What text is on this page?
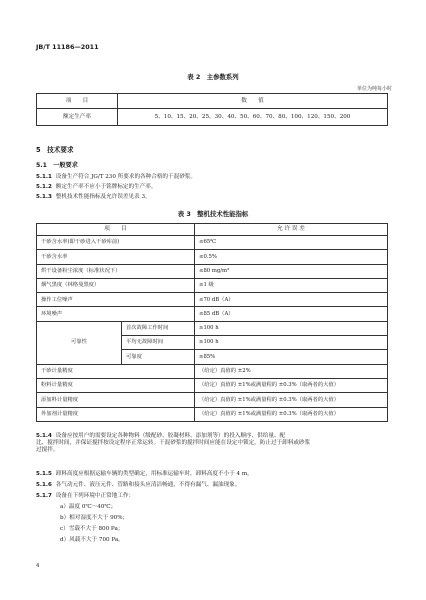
JB/T 11186—2011
表 2　主参数系列
单位为吨每小时
项　　目	数　　值
额定生产率	5、10、15、20、25、30、40、50、60、70、80、100、120、150、200
5　技术要求
5.1　一般要求
5.1.1 设备生产符合 JG/T 230 所要求的各种合格的干混砂浆。
5.1.2 额定生产率不应小于铭牌标定的生产率。
5.1.3 整机技术性能指标及允许误差见表 3。
表 3　整机技术性能指标
项　　目		允 许 误 差
干砂含水率(即干砂进入干砂库前)		≤65℃
干砂含水率		≤0.5%
烘干设备粉尘浓度（标准状况下）		≤80 mg/m³
烟气黑度（林格曼黑度）		≤1 级
操作工位噪声		≤70 dB（A）
环境噪声		≤85 dB（A）
可靠性	首次故障工作时间	≥100 h
	平均无故障时间	≥100 h
	可靠度	≥85%
干砂计量精度		（给定）真值的 ±2%
粉料计量精度		（给定）真值的 ±1%或满量程的 ±0.3%（取两者的大值）
添加料计量精度		（给定）真值的 ±1%或满量程的 ±0.3%（取两者的大值）
外加剂计量精度		（给定）真值的 ±1%或满量程的 ±0.3%（取两者的大值）
5.1.4 设备应按用户的需要设定各种物料（级配砂、胶凝材料、添加剂等）的投入顺序、供给量、配
比、搅拌时间，并保证搅拌按设定程序正常运转。干混砂浆的搅拌时间应能在设定中锁定，防止过于卸料或砂浆
过搅拌。
5.1.5 卸料高度应根据运输车辆的类型确定，用标准运输车时，卸料高度不小于 4 m。
5.1.6 各气动元件、液压元件、管路和接头应清洁畅通，不得有漏气、漏油现象。
5.1.7 设备在下列环境中正常地工作：
a）温度 0℃～40℃；
b）相对湿度不大于 90%；
c）雪载不大于 800 Pa；
d）风载不大于 700 Pa。
4
